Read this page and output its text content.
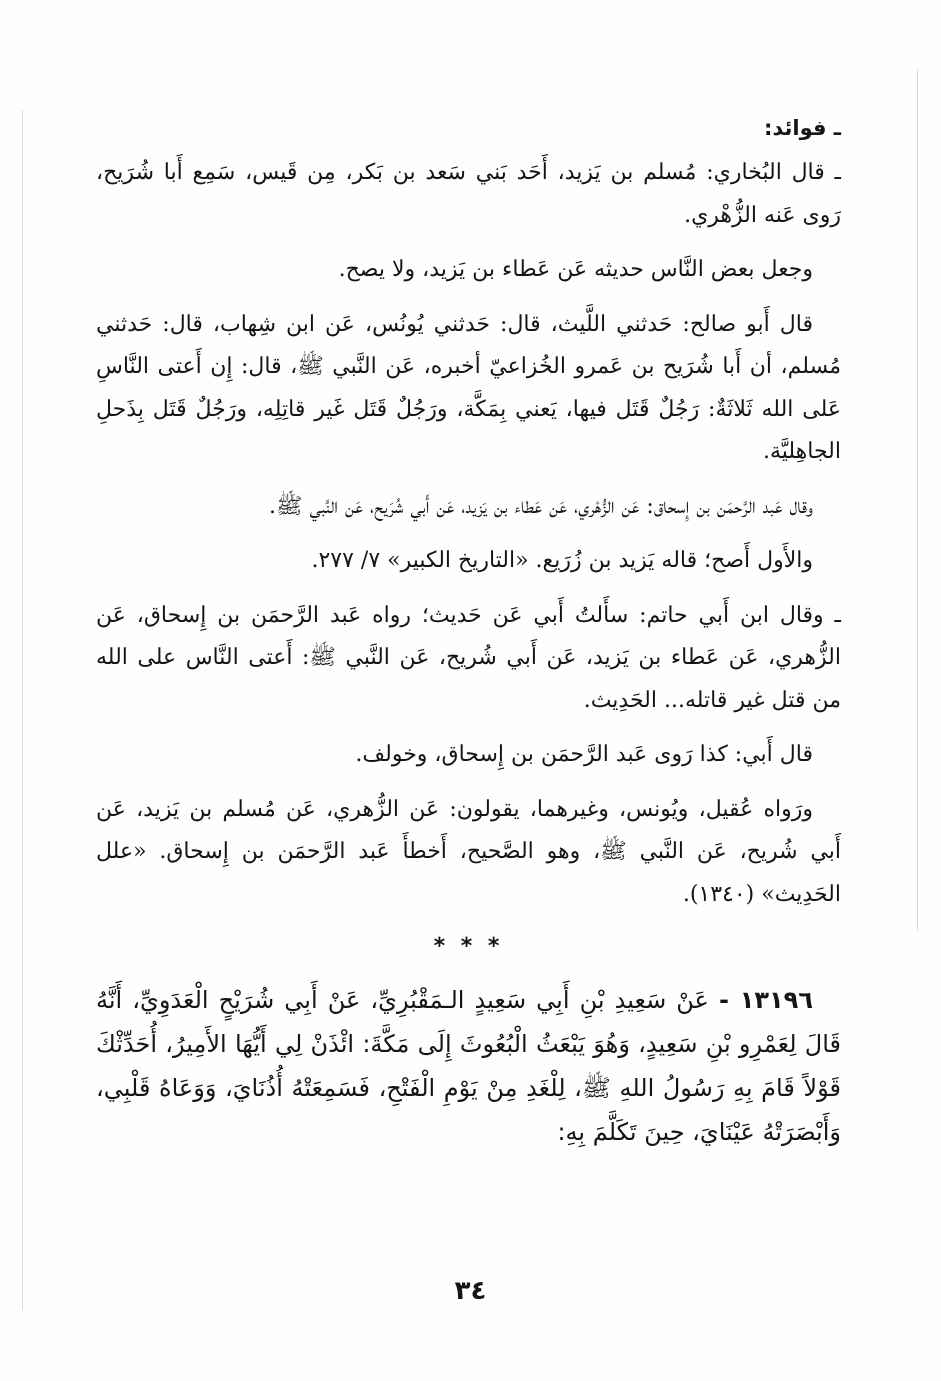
ـ فوائد:

ـ قال البُخاري: مُسلم بن يَزيد، أَحَد بَني سَعد بن بَكر، مِن قَيس، سَمِع أَبا شُرَيح، رَوى عَنه الزُّهْري.

وجعل بعض النَّاس حديثه عَن عَطاء بن يَزيد، ولا يصح.

قال أَبو صالح: حَدثني اللَّيث، قال: حَدثني يُونُس، عَن ابن شِهاب، قال: حَدثني مُسلم، أن أَبا شُرَيح بن عَمرو الخُزاعيّ أخبره، عَن النَّبي ﷺ، قال: إِن أَعتى النَّاسِ عَلى الله ثَلاثَةٌ: رَجُلٌ قَتَل فيها، يَعني بِمَكَّة، ورَجُلٌ قَتَل غَير قاتِلِه، ورَجُلٌ قَتَل بِذَحلِ الجاهِليَّة.

وقال عَبد الرَّحمَن بن إِسحاق: عَن الزُّهْري، عَن عَطاء بن يَزيد، عَن أَبي شُرَيح، عَن النَّبي ﷺ.

والأَول أَصح؛ قاله يَزيد بن زُرَيع. «التاريخ الكبير» ٧/ ٢٧٧.

ـ وقال ابن أَبي حاتم: سأَلتُ أَبي عَن حَديث؛ رواه عَبد الرَّحمَن بن إِسحاق، عَن الزُّهري، عَن عَطاء بن يَزيد، عَن أَبي شُريح، عَن النَّبي ﷺ: أَعتى النَّاس على الله من قتل غير قاتله... الحَدِيث.

قال أَبي: كذا رَوى عَبد الرَّحمَن بن إِسحاق، وخولف.

ورَواه عُقيل، ويُونس، وغيرهما، يقولون: عَن الزُّهري، عَن مُسلم بن يَزيد، عَن أَبي شُريح، عَن النَّبي ﷺ، وهو الصَّحيح، أَخطأَ عَبد الرَّحمَن بن إِسحاق. «علل الحَدِيث» (١٣٤٠).

* * *

١٣١٩٦ - عَنْ سَعِيدِ بْنِ أَبِي سَعِيدٍ الـمَقْبُرِيِّ، عَنْ أَبِي شُرَيْحٍ الْعَدَوِيِّ، أَنَّهُ قَالَ لِعَمْرِو بْنِ سَعِيدٍ، وَهُوَ يَبْعَثُ الْبُعُوثَ إِلَى مَكَّةَ: ائْذَنْ لِي أَيُّهَا الأَمِيرُ، أُحَدِّثْكَ قَوْلاً قَامَ بِهِ رَسُولُ اللهِ ﷺ، لِلْغَدِ مِنْ يَوْمِ الْفَتْحِ، فَسَمِعَتْهُ أُذُنَايَ، وَوَعَاهُ قَلْبِي، وَأَبْصَرَتْهُ عَيْنَايَ، حِينَ تَكَلَّمَ بِهِ:

٣٤
